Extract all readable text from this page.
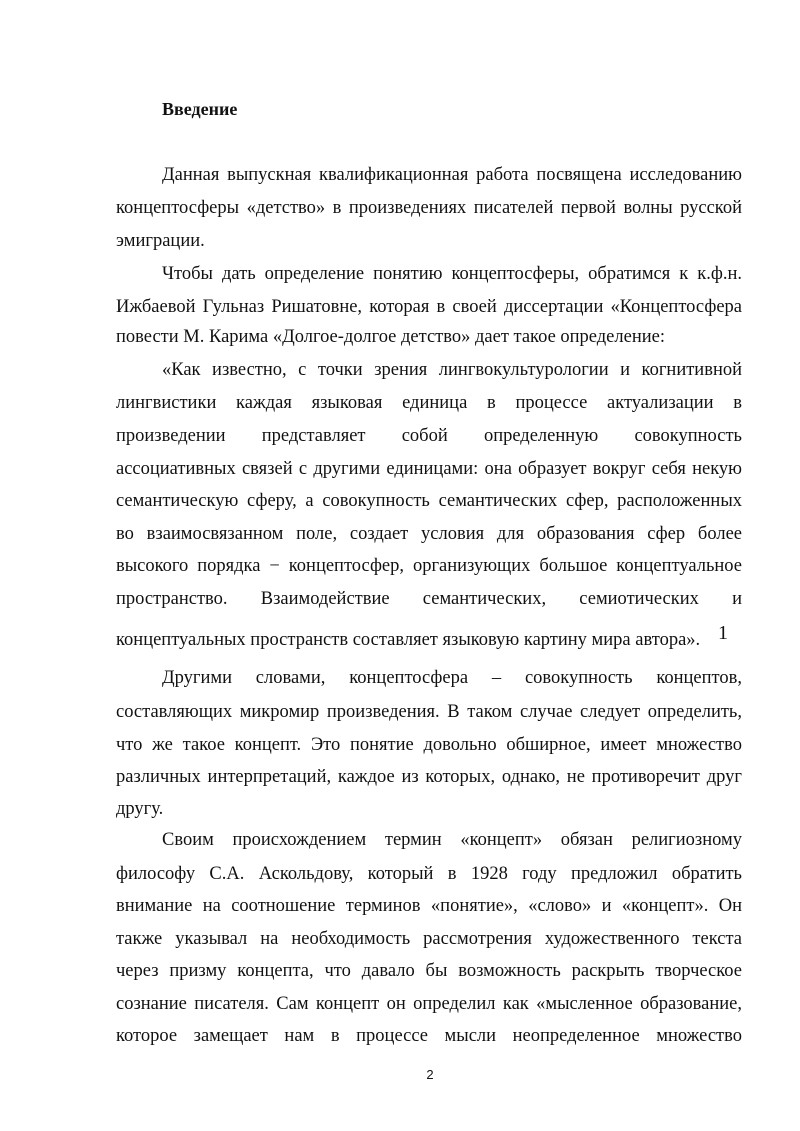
Введение

Данная выпускная квалификационная работа посвящена исследованию

концептосферы «детство» в произведениях писателей первой волны русской

эмиграции.

Чтобы дать определение понятию концептосферы, обратимся к к.ф.н.

Ижбаевой Гульназ Ришатовне, которая в своей диссертации «Концептосфера

повести М. Карима «Долгое-долгое детство» дает такое определение:

«Как известно, с точки зрения лингвокультурологии и когнитивной

лингвистики каждая языковая единица в процессе актуализации в

произведении представляет собой определенную совокупность

ассоциативных связей с другими единицами: она образует вокруг себя некую

семантическую сферу, а совокупность семантических сфер, расположенных

во взаимосвязанном поле, создает условия для образования сфер более

высокого порядка − концептосфер, организующих большое концептуальное

пространство. Взаимодействие семантических, семиотических и

концептуальных пространств составляет языковую картину мира автора». 1

Другими словами, концептосфера – совокупность концептов,

составляющих микромир произведения. В таком случае следует определить,

что же такое концепт. Это понятие довольно обширное, имеет множество

различных интерпретаций, каждое из которых, однако, не противоречит друг

другу.

Своим происхождением термин «концепт» обязан религиозному

философу С.А. Аскольдову, который в 1928 году предложил обратить

внимание на соотношение терминов «понятие», «слово» и «концепт». Он

также указывал на необходимость рассмотрения художественного текста

через призму концепта, что давало бы возможность раскрыть творческое

сознание писателя. Сам концепт он определил как «мысленное образование,

которое замещает нам в процессе мысли неопределенное множество

2
